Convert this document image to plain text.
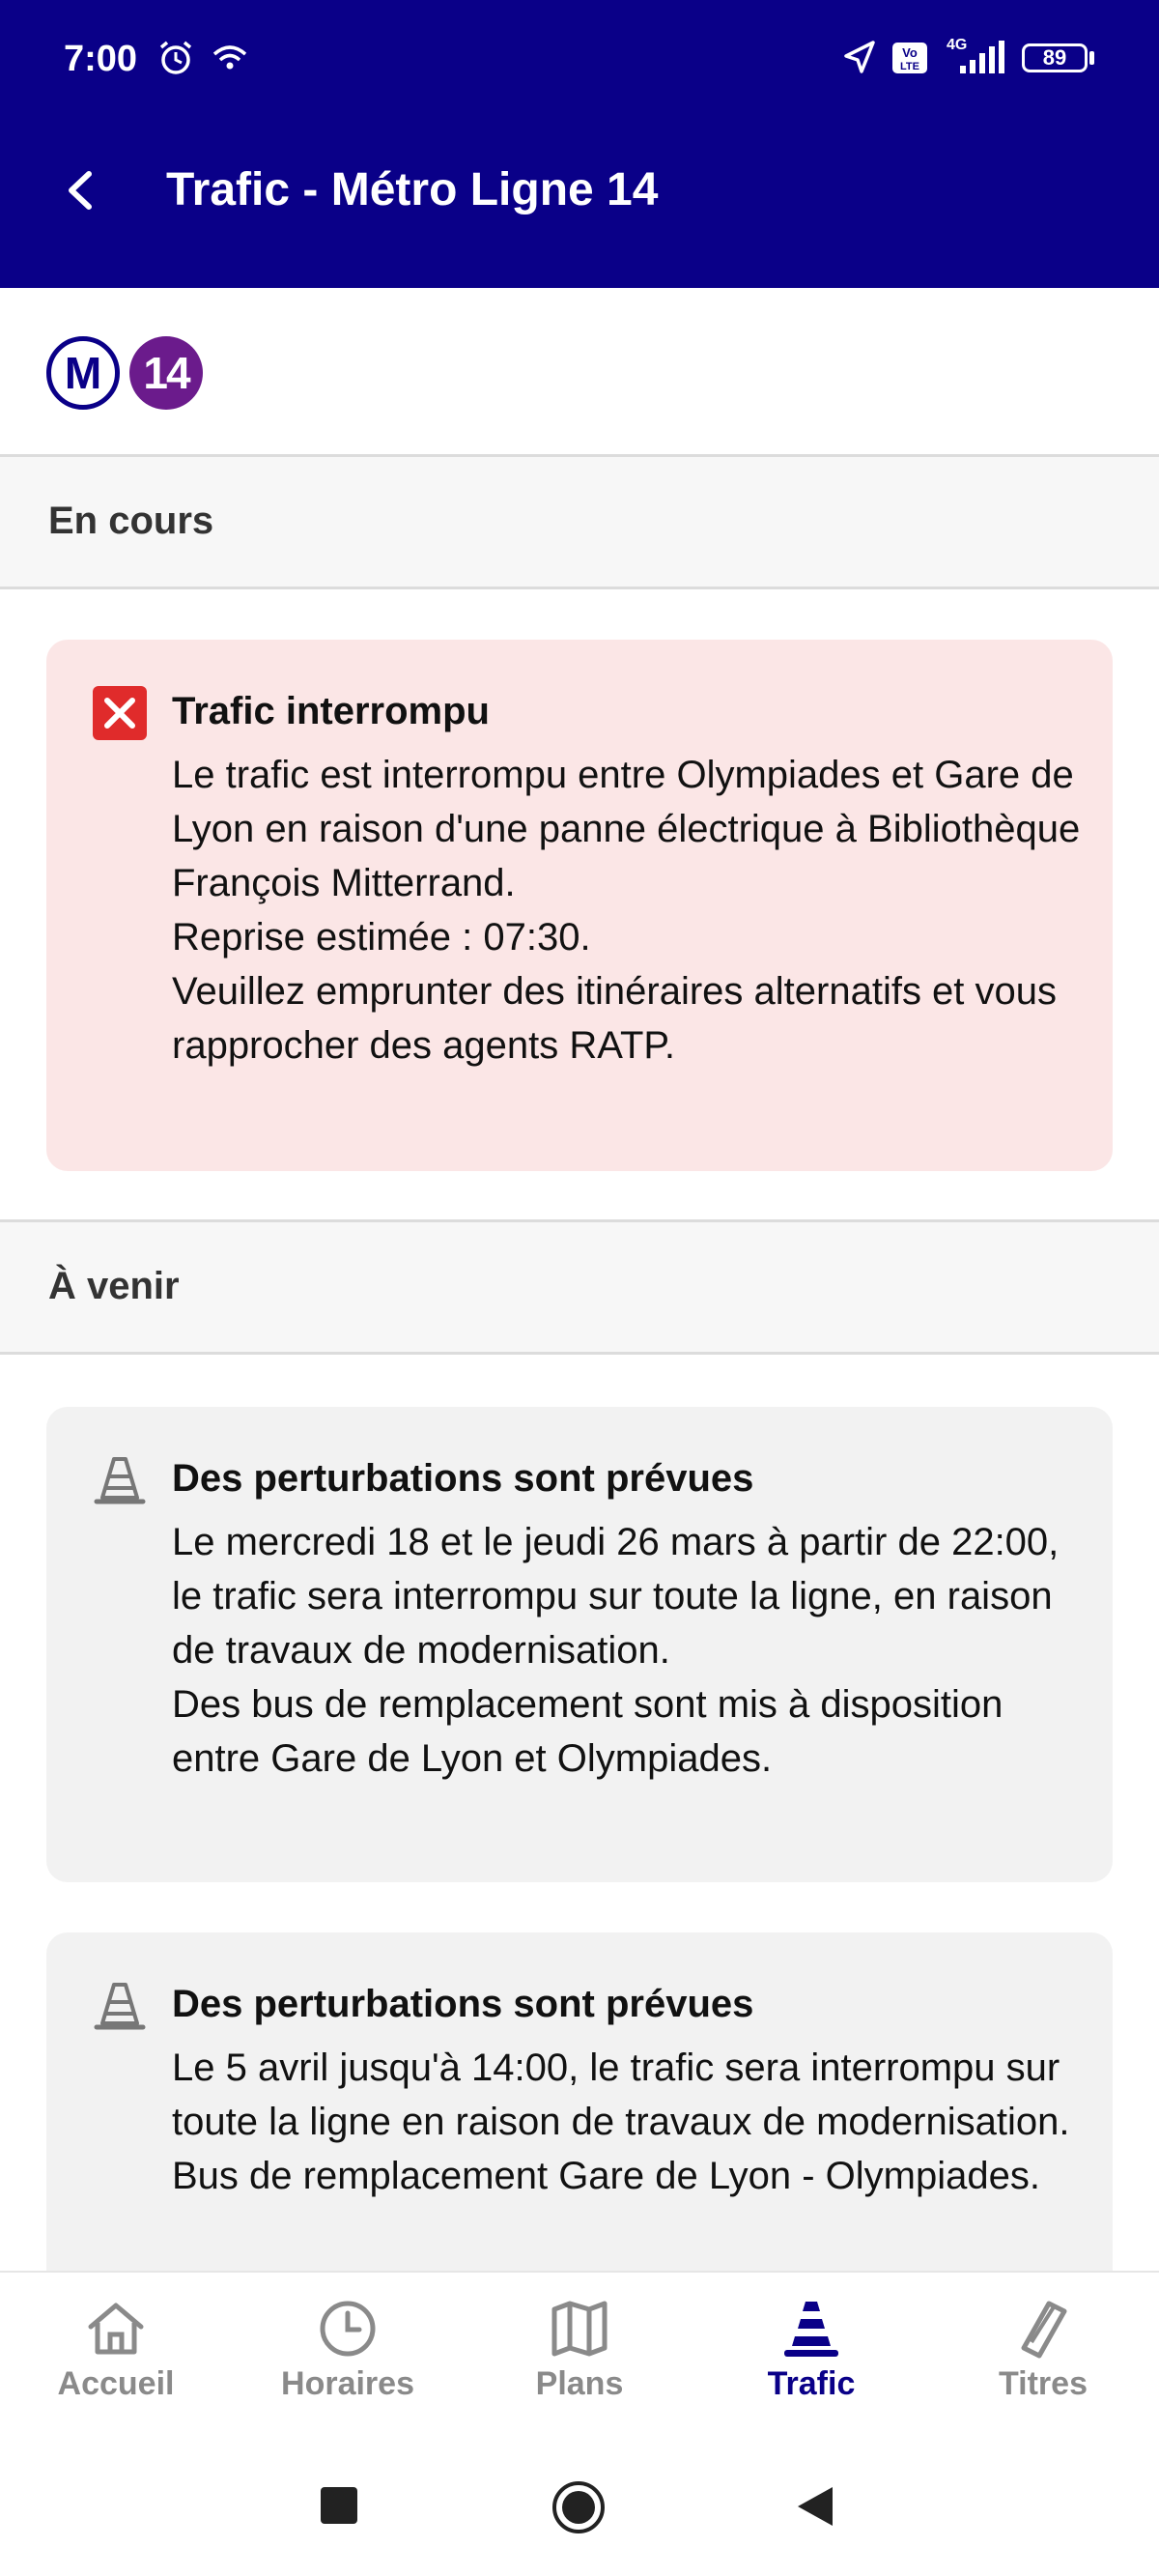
7:00	Vo
LTE
4G
89
Trafic - Métro Ligne 14
M 14
En cours
Trafic interrompu

Le trafic est interrompu entre Olympiades et Gare de Lyon en raison d'une panne électrique à Bibliothèque François Mitterrand.

Reprise estimée : 07:30.

Veuillez emprunter des itinéraires alternatifs et vous rapprocher des agents RATP.

À venir
Des perturbations sont prévues

Le mercredi 18 et le jeudi 26 mars à partir de 22:00, le trafic sera interrompu sur toute la ligne, en raison de travaux de modernisation.

Des bus de remplacement sont mis à disposition entre Gare de Lyon et Olympiades.

Des perturbations sont prévues

Le 5 avril jusqu'à 14:00, le trafic sera interrompu sur toute la ligne en raison de travaux de modernisation.

Bus de remplacement Gare de Lyon - Olympiades.

Accueil	Horaires	Plans	Trafic	Titres
